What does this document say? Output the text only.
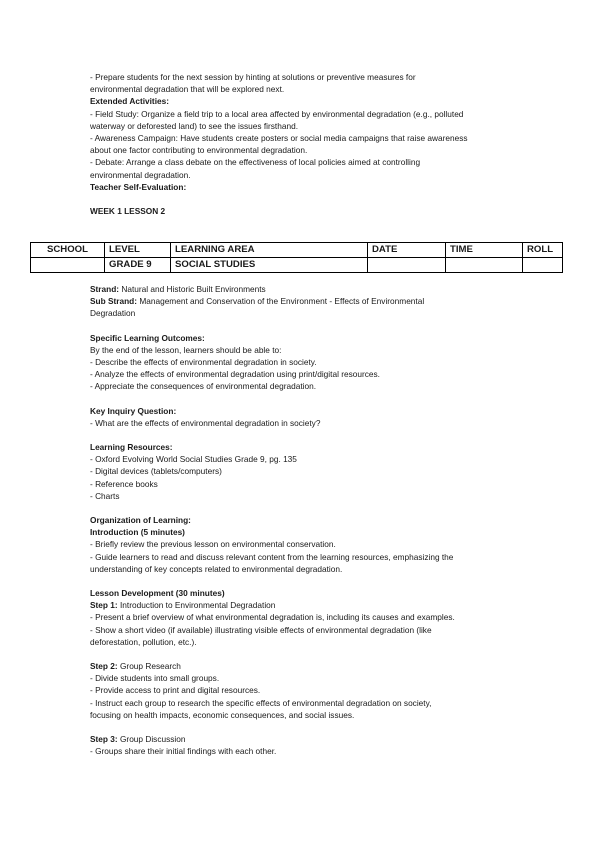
- Prepare students for the next session by hinting at solutions or preventive measures for
environmental degradation that will be explored next.
Extended Activities:
- Field Study: Organize a field trip to a local area affected by environmental degradation (e.g., polluted
waterway or deforested land) to see the issues firsthand.
- Awareness Campaign: Have students create posters or social media campaigns that raise awareness
about one factor contributing to environmental degradation.
- Debate: Arrange a class debate on the effectiveness of local policies aimed at controlling
environmental degradation.
Teacher Self-Evaluation:
WEEK 1 LESSON 2
SCHOOL	LEVEL	LEARNING AREA	DATE	TIME	ROLL
	GRADE 9	SOCIAL STUDIES			
Strand: Natural and Historic Built Environments
Sub Strand: Management and Conservation of the Environment - Effects of Environmental
Degradation
Specific Learning Outcomes:
By the end of the lesson, learners should be able to:
- Describe the effects of environmental degradation in society.
- Analyze the effects of environmental degradation using print/digital resources.
- Appreciate the consequences of environmental degradation.
Key Inquiry Question:
- What are the effects of environmental degradation in society?
Learning Resources:
- Oxford Evolving World Social Studies Grade 9, pg. 135
- Digital devices (tablets/computers)
- Reference books
- Charts
Organization of Learning:
Introduction (5 minutes)
- Briefly review the previous lesson on environmental conservation.
- Guide learners to read and discuss relevant content from the learning resources, emphasizing the
understanding of key concepts related to environmental degradation.
Lesson Development (30 minutes)
Step 1: Introduction to Environmental Degradation
- Present a brief overview of what environmental degradation is, including its causes and examples.
- Show a short video (if available) illustrating visible effects of environmental degradation (like
deforestation, pollution, etc.).
Step 2: Group Research
- Divide students into small groups.
- Provide access to print and digital resources.
- Instruct each group to research the specific effects of environmental degradation on society,
focusing on health impacts, economic consequences, and social issues.
Step 3: Group Discussion
- Groups share their initial findings with each other.
